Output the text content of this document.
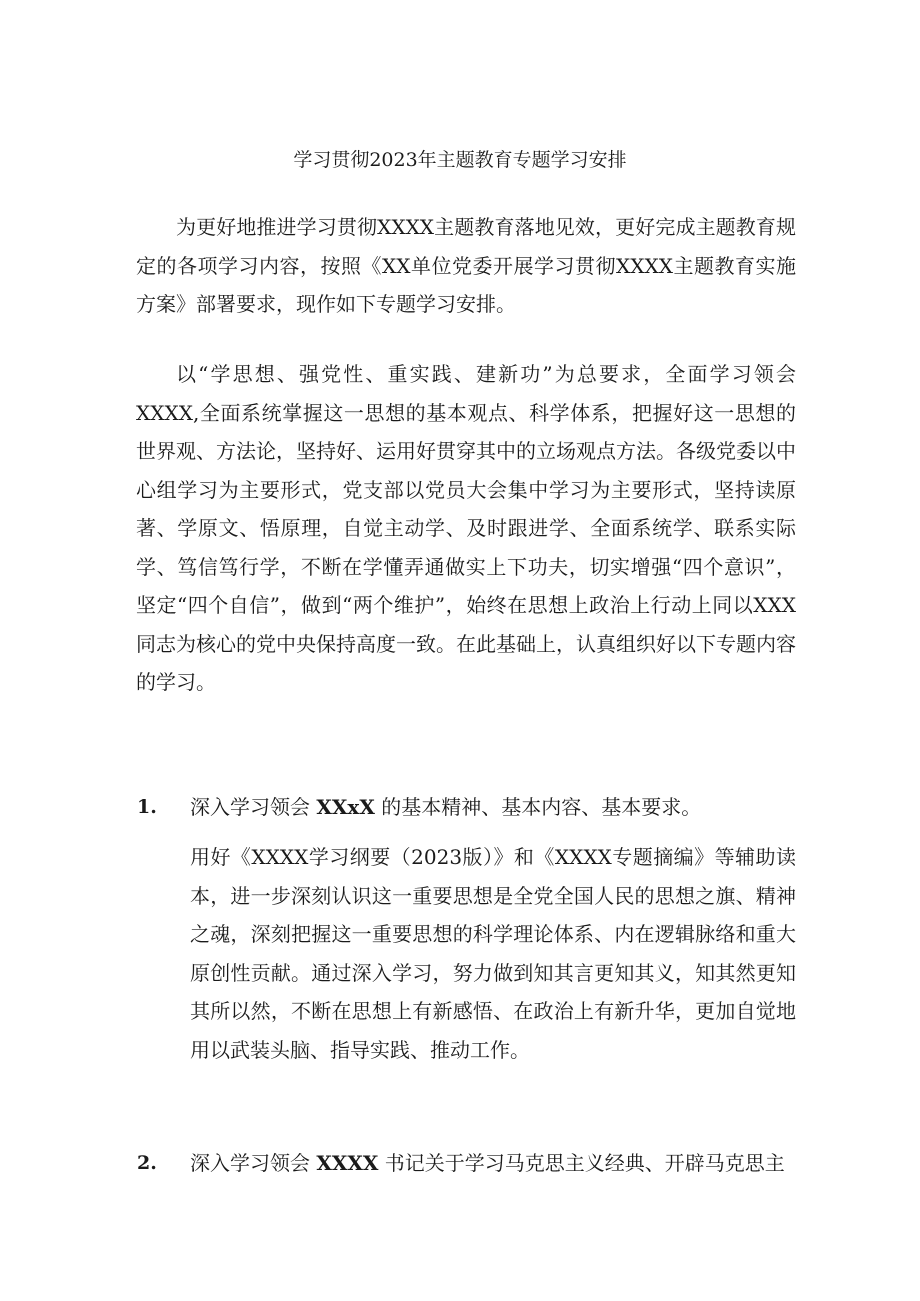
学习贯彻2023年主题教育专题学习安排

为更好地推进学习贯彻XXXX主题教育落地见效，更好完成主题教育规定的各项学习内容，按照《XX单位党委开展学习贯彻XXXX主题教育实施方案》部署要求，现作如下专题学习安排。

以“学思想、强党性、重实践、建新功”为总要求，全面学习领会XXXX,全面系统掌握这一思想的基本观点、科学体系，把握好这一思想的世界观、方法论，坚持好、运用好贯穿其中的立场观点方法。各级党委以中心组学习为主要形式，党支部以党员大会集中学习为主要形式，坚持读原著、学原文、悟原理，自觉主动学、及时跟进学、全面系统学、联系实际学、笃信笃行学，不断在学懂弄通做实上下功夫，切实增强“四个意识”，坚定“四个自信”，做到“两个维护”，始终在思想上政治上行动上同以XXX同志为核心的党中央保持高度一致。在此基础上，认真组织好以下专题内容的学习。

1. 深入学习领会 XXxX 的基本精神、基本内容、基本要求。

用好《XXXX学习纲要（2023版）》和《XXXX专题摘编》等辅助读本，进一步深刻认识这一重要思想是全党全国人民的思想之旗、精神之魂，深刻把握这一重要思想的科学理论体系、内在逻辑脉络和重大原创性贡献。通过深入学习，努力做到知其言更知其义，知其然更知其所以然，不断在思想上有新感悟、在政治上有新升华，更加自觉地用以武装头脑、指导实践、推动工作。

2. 深入学习领会 XXXX 书记关于学习马克思主义经典、开辟马克思主
